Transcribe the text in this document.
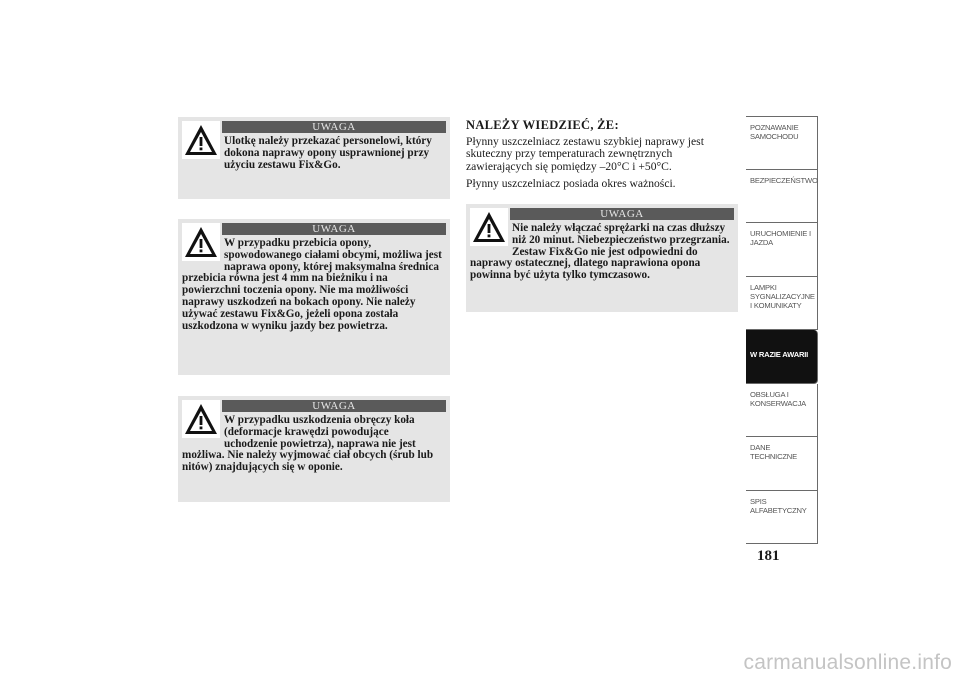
UWAGA
Ulotkę należy przekazać personelowi, który dokona naprawy opony usprawnionej przy użyciu zestawu Fix&Go.
UWAGA
W przypadku przebicia opony, spowodowanego ciałami obcymi, możliwa jest naprawa opony, której maksymalna średnica przebicia równa jest 4 mm na bieżniku i na powierzchni toczenia opony. Nie ma możliwości naprawy uszkodzeń na bokach opony. Nie należy używać zestawu Fix&Go, jeżeli opona została uszkodzona w wyniku jazdy bez powietrza.
UWAGA
W przypadku uszkodzenia obręczy koła (deformacje krawędzi powodujące uchodzenie powietrza), naprawa nie jest możliwa. Nie należy wyjmować ciał obcych (śrub lub nitów) znajdujących się w oponie.
NALEŻY WIEDZIEĆ, ŻE:

Płynny uszczelniacz zestawu szybkiej naprawy jest skuteczny przy temperaturach zewnętrznych zawierających się pomiędzy –20°C i +50°C.

Płynny uszczelniacz posiada okres ważności.

UWAGA
Nie należy włączać sprężarki na czas dłuższy niż 20 minut. Niebezpieczeństwo przegrzania. Zestaw Fix&Go nie jest odpowiedni do naprawy ostatecznej, dlatego naprawiona opona powinna być użyta tylko tymczasowo.
POZNAWANIE SAMOCHODU
BEZPIECZEŃSTWO
URUCHOMIENIE I JAZDA
LAMPKI SYGNALIZACYJNE I KOMUNIKATY
W RAZIE AWARII
OBSŁUGA I KONSERWACJA
DANE TECHNICZNE
SPIS ALFABETYCZNY
181
carmanualsonline.info
